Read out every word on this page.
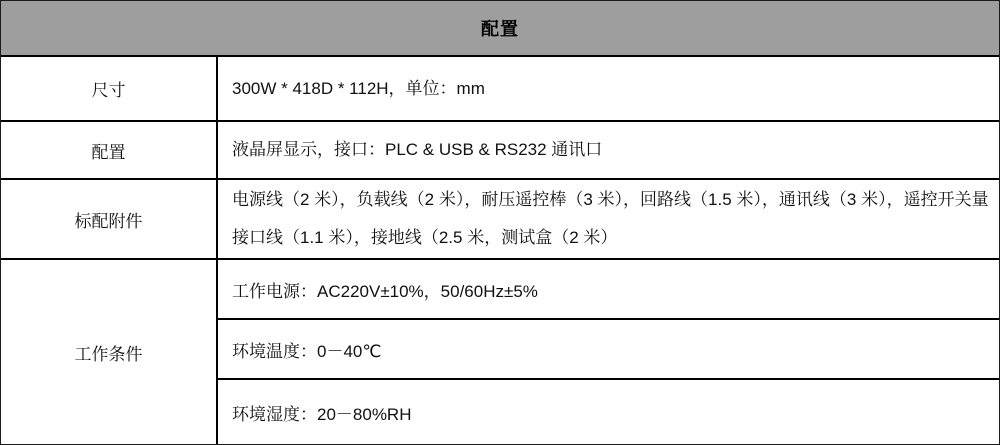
配置
尺寸	300W * 418D * 112H，单位：mm
配置	液晶屏显示，接口：PLC & USB & RS232 通讯口
标配附件
电源线（2 米），负载线（2 米），耐压遥控棒（3 米），回路线（1.5 米），通讯线（3 米），遥控开关量接口线（1.1 米），接地线（2.5 米，测试盒（2 米）
工作条件
工作电源：AC220V±10%，50/60Hz±5%
环境温度：0－40℃
环境湿度：20－80%RH
